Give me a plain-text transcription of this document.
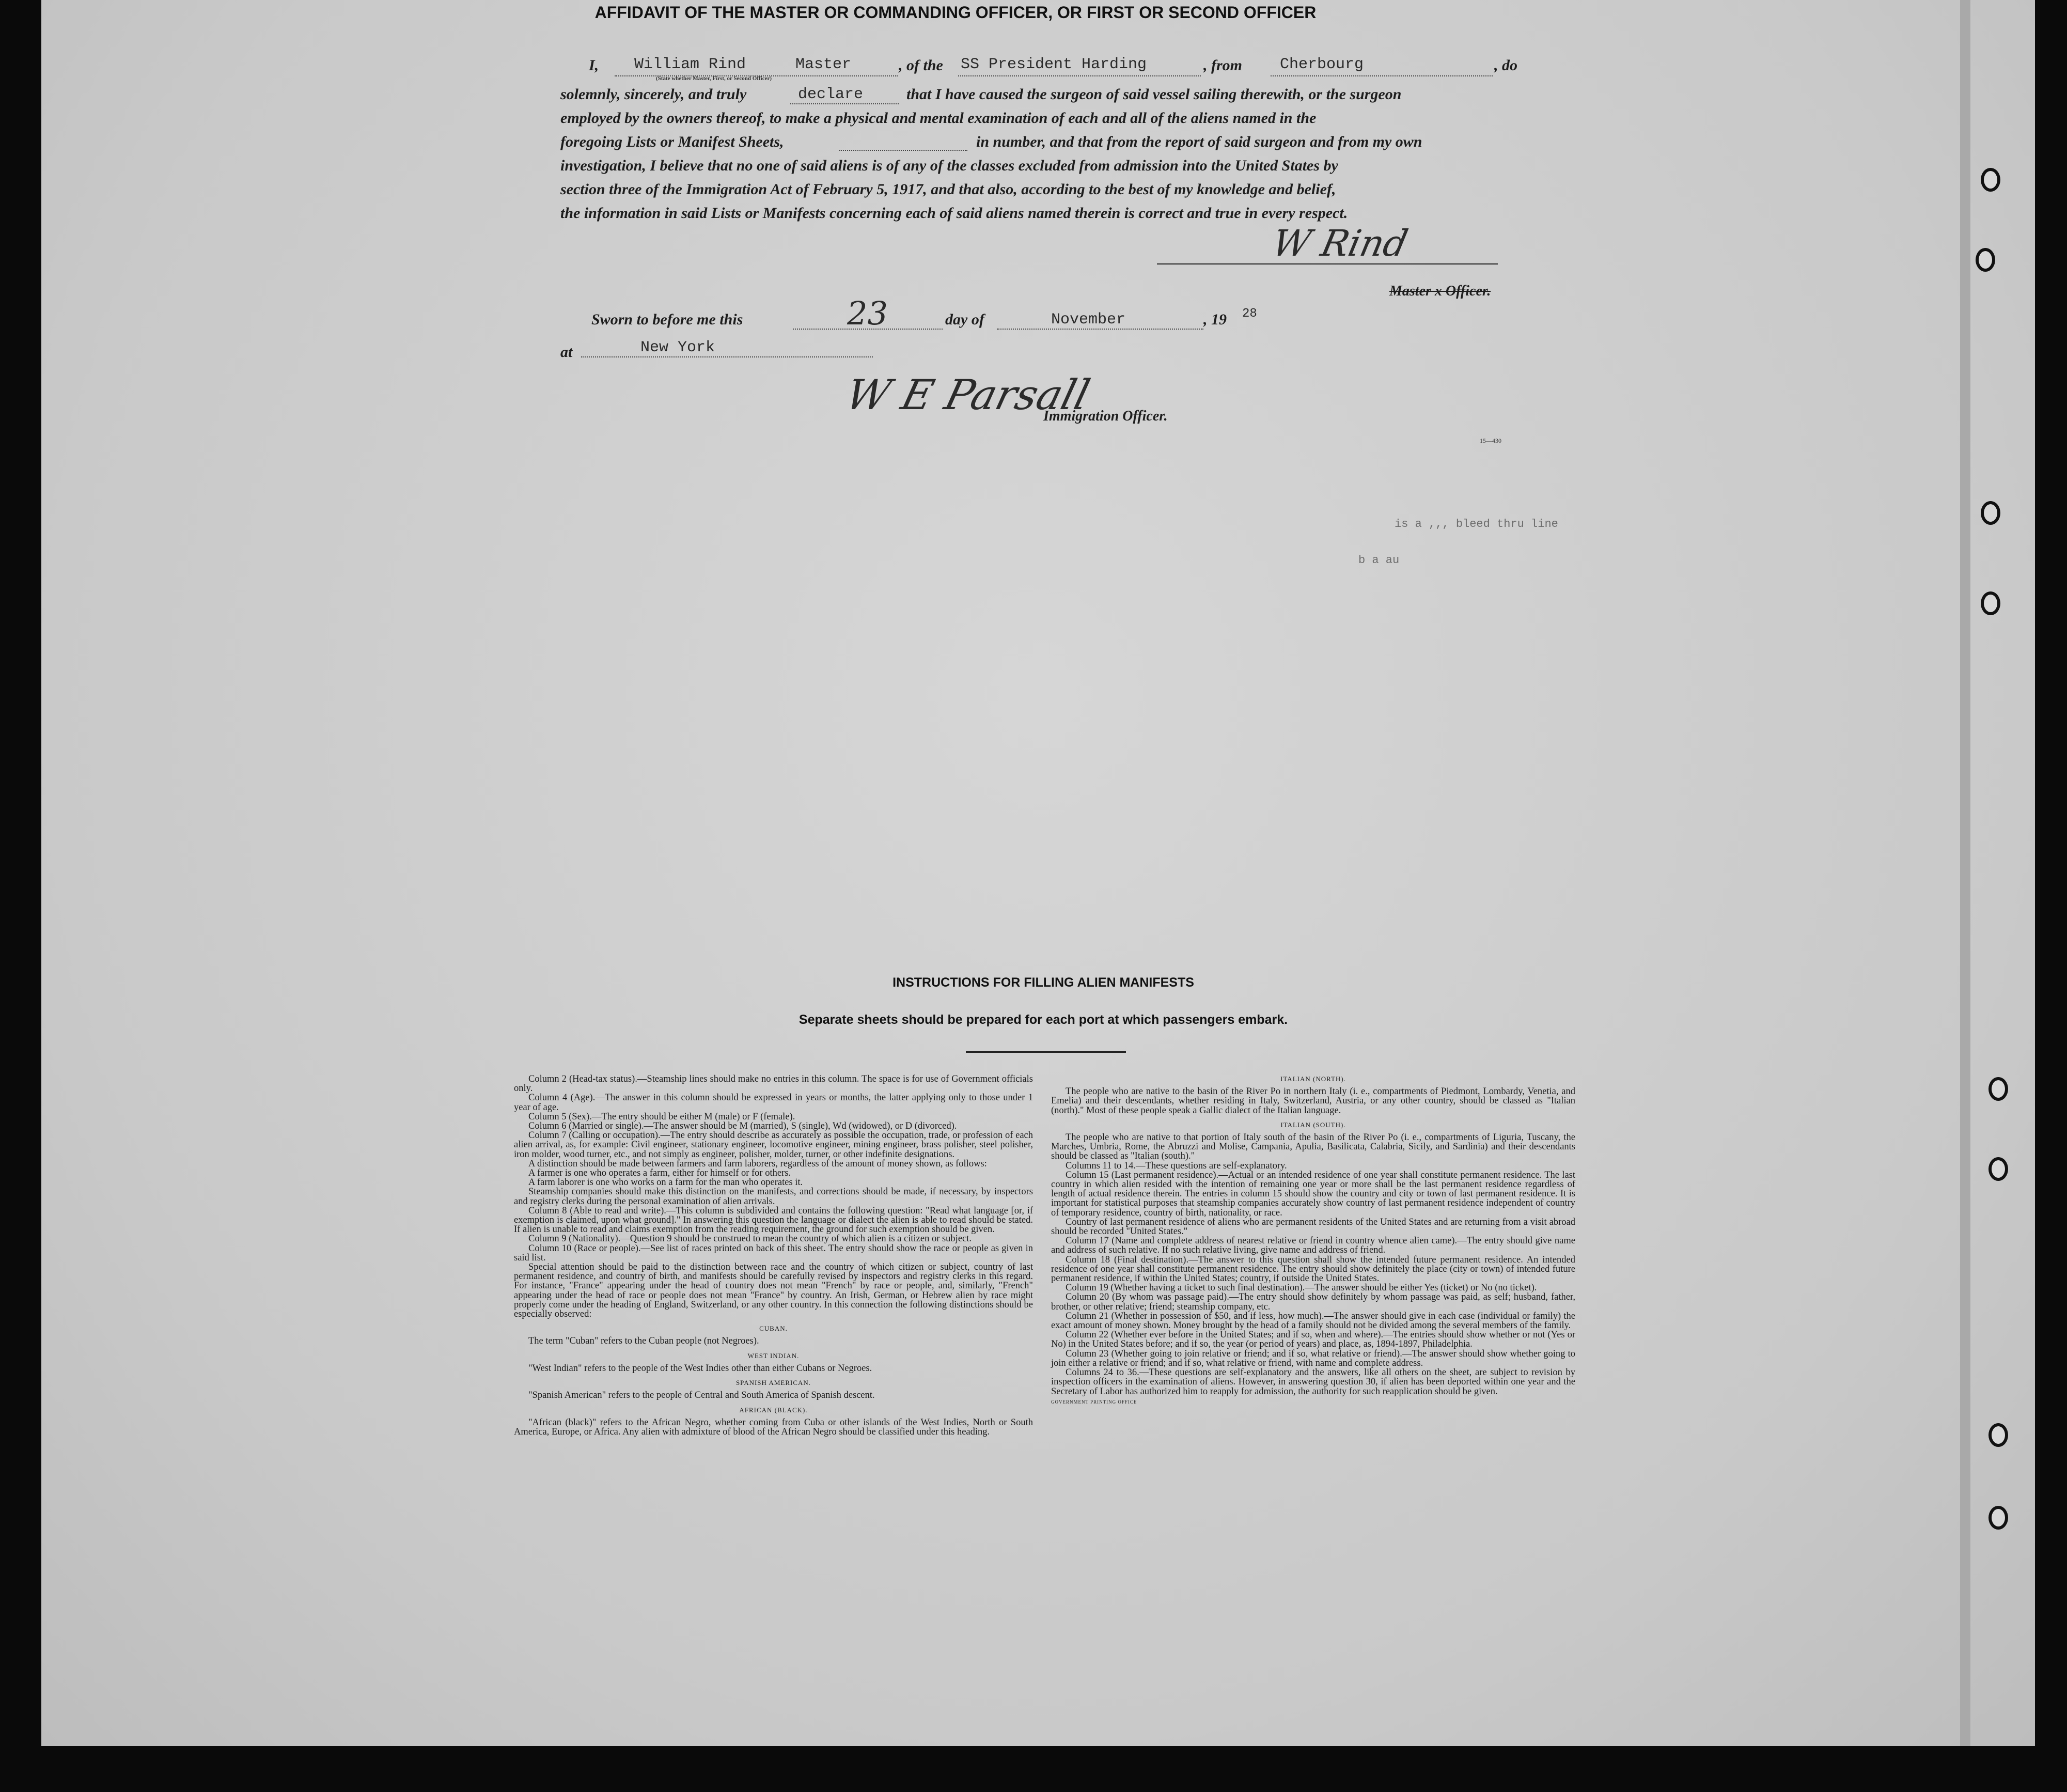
AFFIDAVIT OF THE MASTER OR COMMANDING OFFICER, OR FIRST OR SECOND OFFICER
I, William Rind	Master	, of the SS President Harding	, from Cherbourg	, do
(State whether Master, First, or Second Officer)
solemnly, sincerely, and truly	declare	that I have caused the surgeon of said vessel sailing therewith, or the surgeon
employed by the owners thereof, to make a physical and mental examination of each and all of the aliens named in the
foregoing Lists or Manifest Sheets,	in number, and that from the report of said surgeon and from my own
investigation, I believe that no one of said aliens is of any of the classes excluded from admission into the United States by
section three of the Immigration Act of February 5, 1917, and that also, according to the best of my knowledge and belief,
the information in said Lists or Manifests concerning each of said aliens named therein is correct and true in every respect.
W Rind
Master x Officer.
Sworn to before me this	23	day of	November	, 19 28
at	New York
W E Parsall
Immigration Officer.
15—430
is a ,,, bleed thru line
b a au
INSTRUCTIONS FOR FILLING ALIEN MANIFESTS
Separate sheets should be prepared for each port at which passengers embark.

Column 2 (Head-tax status).—Steamship lines should make no entries in this column. The space is for use of Government officials only.

Column 4 (Age).—The answer in this column should be expressed in years or months, the latter applying only to those under 1 year of age.

Column 5 (Sex).—The entry should be either M (male) or F (female).

Column 6 (Married or single).—The answer should be M (married), S (single), Wd (widowed), or D (divorced).

Column 7 (Calling or occupation).—The entry should describe as accurately as possible the occupation, trade, or profession of each alien arrival, as, for example: Civil engineer, stationary engineer, locomotive engineer, mining engineer, brass polisher, steel polisher, iron molder, wood turner, etc., and not simply as engineer, polisher, molder, turner, or other indefinite designations.

A distinction should be made between farmers and farm laborers, regardless of the amount of money shown, as follows:

A farmer is one who operates a farm, either for himself or for others.

A farm laborer is one who works on a farm for the man who operates it.

Steamship companies should make this distinction on the manifests, and corrections should be made, if necessary, by inspectors and registry clerks during the personal examination of alien arrivals.

Column 8 (Able to read and write).—This column is subdivided and contains the following question: "Read what language [or, if exemption is claimed, upon what ground]." In answering this question the language or dialect the alien is able to read should be stated. If alien is unable to read and claims exemption from the reading requirement, the ground for such exemption should be given.

Column 9 (Nationality).—Question 9 should be construed to mean the country of which alien is a citizen or subject.

Column 10 (Race or people).—See list of races printed on back of this sheet. The entry should show the race or people as given in said list.

Special attention should be paid to the distinction between race and the country of which citizen or subject, country of last permanent residence, and country of birth, and manifests should be carefully revised by inspectors and registry clerks in this regard. For instance, "France" appearing under the head of country does not mean "French" by race or people, and, similarly, "French" appearing under the head of race or people does not mean "France" by country. An Irish, German, or Hebrew alien by race might properly come under the heading of England, Switzerland, or any other country. In this connection the following distinctions should be especially observed:

CUBAN.

The term "Cuban" refers to the Cuban people (not Negroes).

WEST INDIAN.

"West Indian" refers to the people of the West Indies other than either Cubans or Negroes.

SPANISH AMERICAN.

"Spanish American" refers to the people of Central and South America of Spanish descent.

AFRICAN (BLACK).

"African (black)" refers to the African Negro, whether coming from Cuba or other islands of the West Indies, North or South America, Europe, or Africa. Any alien with admixture of blood of the African Negro should be classified under this heading.

ITALIAN (NORTH).

The people who are native to the basin of the River Po in northern Italy (i. e., compartments of Piedmont, Lombardy, Venetia, and Emelia) and their descendants, whether residing in Italy, Switzerland, Austria, or any other country, should be classed as "Italian (north)." Most of these people speak a Gallic dialect of the Italian language.

ITALIAN (SOUTH).

The people who are native to that portion of Italy south of the basin of the River Po (i. e., compartments of Liguria, Tuscany, the Marches, Umbria, Rome, the Abruzzi and Molise, Campania, Apulia, Basilicata, Calabria, Sicily, and Sardinia) and their descendants should be classed as "Italian (south)."

Columns 11 to 14.—These questions are self-explanatory.

Column 15 (Last permanent residence).—Actual or an intended residence of one year shall constitute permanent residence. The last country in which alien resided with the intention of remaining one year or more shall be the last permanent residence regardless of length of actual residence therein. The entries in column 15 should show the country and city or town of last permanent residence. It is important for statistical purposes that steamship companies accurately show country of last permanent residence independent of country of temporary residence, country of birth, nationality, or race.

Country of last permanent residence of aliens who are permanent residents of the United States and are returning from a visit abroad should be recorded "United States."

Column 17 (Name and complete address of nearest relative or friend in country whence alien came).—The entry should give name and address of such relative. If no such relative living, give name and address of friend.

Column 18 (Final destination).—The answer to this question shall show the intended future permanent residence. An intended residence of one year shall constitute permanent residence. The entry should show definitely the place (city or town) of intended future permanent residence, if within the United States; country, if outside the United States.

Column 19 (Whether having a ticket to such final destination).—The answer should be either Yes (ticket) or No (no ticket).

Column 20 (By whom was passage paid).—The entry should show definitely by whom passage was paid, as self; husband, father, brother, or other relative; friend; steamship company, etc.

Column 21 (Whether in possession of $50, and if less, how much).—The answer should give in each case (individual or family) the exact amount of money shown. Money brought by the head of a family should not be divided among the several members of the family.

Column 22 (Whether ever before in the United States; and if so, when and where).—The entries should show whether or not (Yes or No) in the United States before; and if so, the year (or period of years) and place, as, 1894-1897, Philadelphia.

Column 23 (Whether going to join relative or friend; and if so, what relative or friend).—The answer should show whether going to join either a relative or friend; and if so, what relative or friend, with name and complete address.

Columns 24 to 36.—These questions are self-explanatory and the answers, like all others on the sheet, are subject to revision by inspection officers in the examination of aliens. However, in answering question 30, if alien has been deported within one year and the Secretary of Labor has authorized him to reapply for admission, the authority for such reapplication should be given.

GOVERNMENT PRINTING OFFICE
